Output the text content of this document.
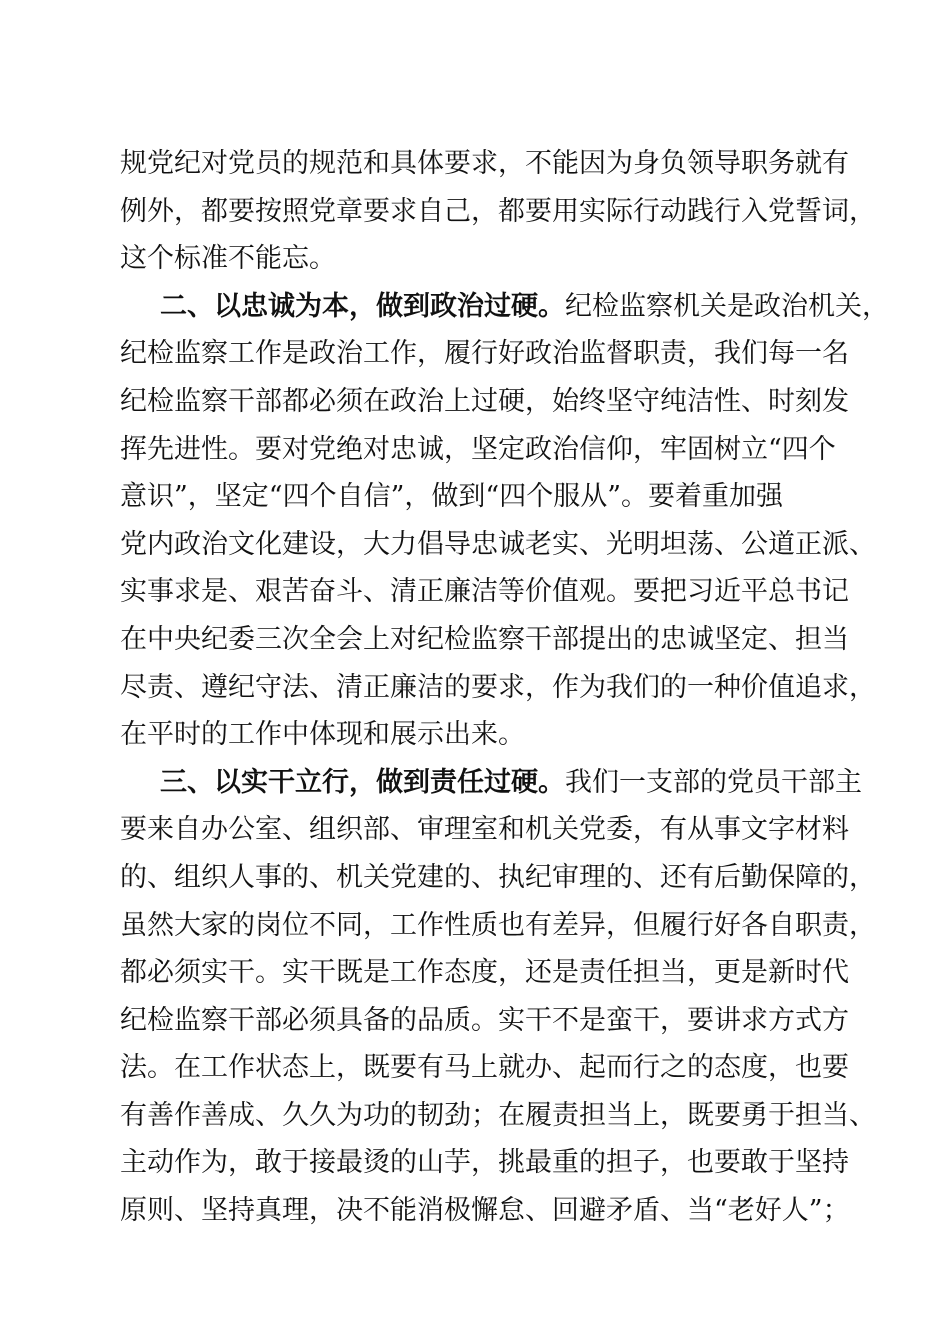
规党纪对党员的规范和具体要求，不能因为身负领导职务就有
例外，都要按照党章要求自己，都要用实际行动践行入党誓词，
这个标准不能忘。
二、以忠诚为本，做到政治过硬。纪检监察机关是政治机关，
纪检监察工作是政治工作，履行好政治监督职责，我们每一名
纪检监察干部都必须在政治上过硬，始终坚守纯洁性、时刻发
挥先进性。要对党绝对忠诚，坚定政治信仰，牢固树立“四个
意识”，坚定“四个自信”，做到“四个服从”。要着重加强
党内政治文化建设，大力倡导忠诚老实、光明坦荡、公道正派、
实事求是、艰苦奋斗、清正廉洁等价值观。要把习近平总书记
在中央纪委三次全会上对纪检监察干部提出的忠诚坚定、担当
尽责、遵纪守法、清正廉洁的要求，作为我们的一种价值追求，
在平时的工作中体现和展示出来。
三、以实干立行，做到责任过硬。我们一支部的党员干部主
要来自办公室、组织部、审理室和机关党委，有从事文字材料
的、组织人事的、机关党建的、执纪审理的、还有后勤保障的，
虽然大家的岗位不同，工作性质也有差异，但履行好各自职责，
都必须实干。实干既是工作态度，还是责任担当，更是新时代
纪检监察干部必须具备的品质。实干不是蛮干，要讲求方式方
法。在工作状态上，既要有马上就办、起而行之的态度，也要
有善作善成、久久为功的韧劲；在履责担当上，既要勇于担当、
主动作为，敢于接最烫的山芋，挑最重的担子，也要敢于坚持
原则、坚持真理，决不能消极懈怠、回避矛盾、当“老好人”；
